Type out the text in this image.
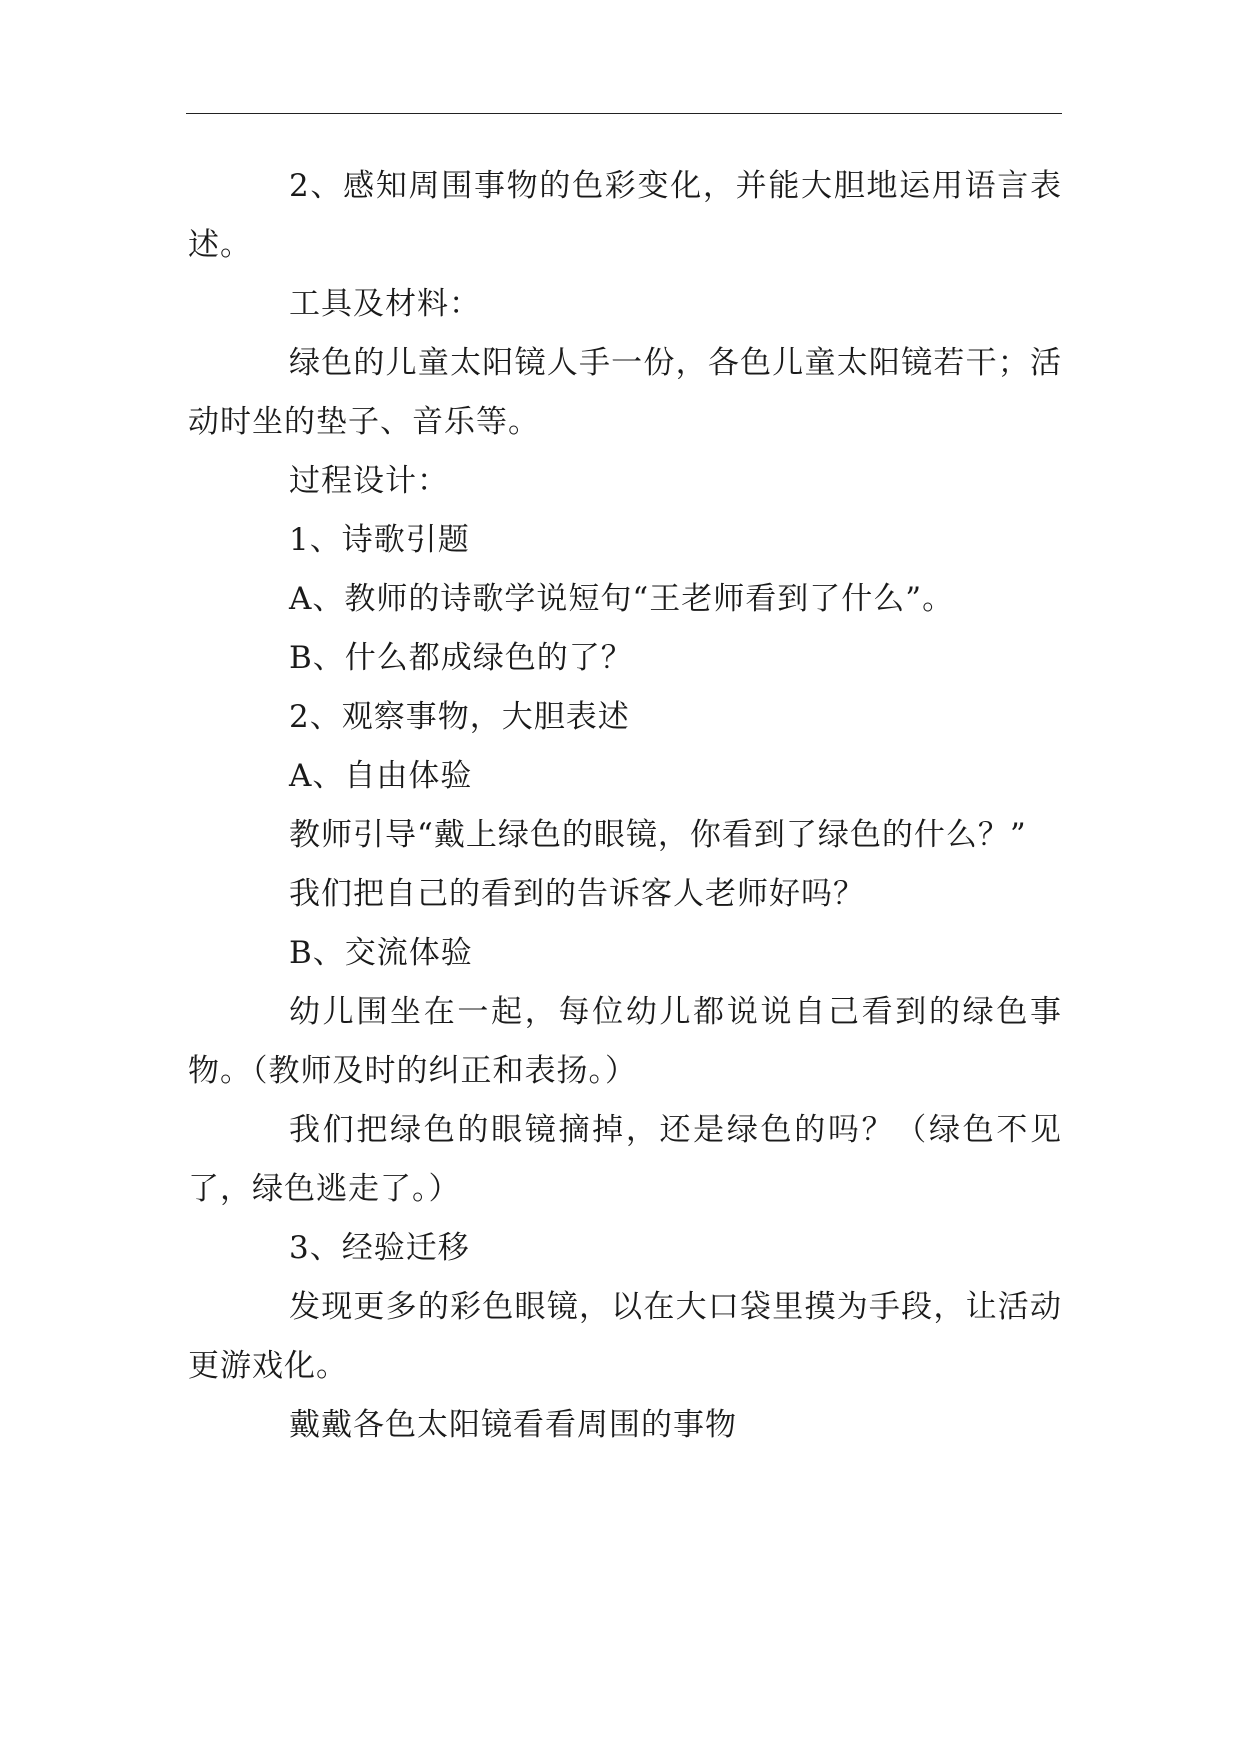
2、感知周围事物的色彩变化，并能大胆地运用语言表述。

工具及材料：

绿色的儿童太阳镜人手一份，各色儿童太阳镜若干；活动时坐的垫子、音乐等。

过程设计：

1、诗歌引题

A、教师的诗歌学说短句“王老师看到了什么”。

B、什么都成绿色的了？

2、观察事物，大胆表述

A、自由体验

教师引导“戴上绿色的眼镜，你看到了绿色的什么？”

我们把自己的看到的告诉客人老师好吗？

B、交流体验

幼儿围坐在一起，每位幼儿都说说自己看到的绿色事物。（教师及时的纠正和表扬。）

我们把绿色的眼镜摘掉，还是绿色的吗？（绿色不见了，绿色逃走了。）

3、经验迁移

发现更多的彩色眼镜，以在大口袋里摸为手段，让活动更游戏化。

戴戴各色太阳镜看看周围的事物
